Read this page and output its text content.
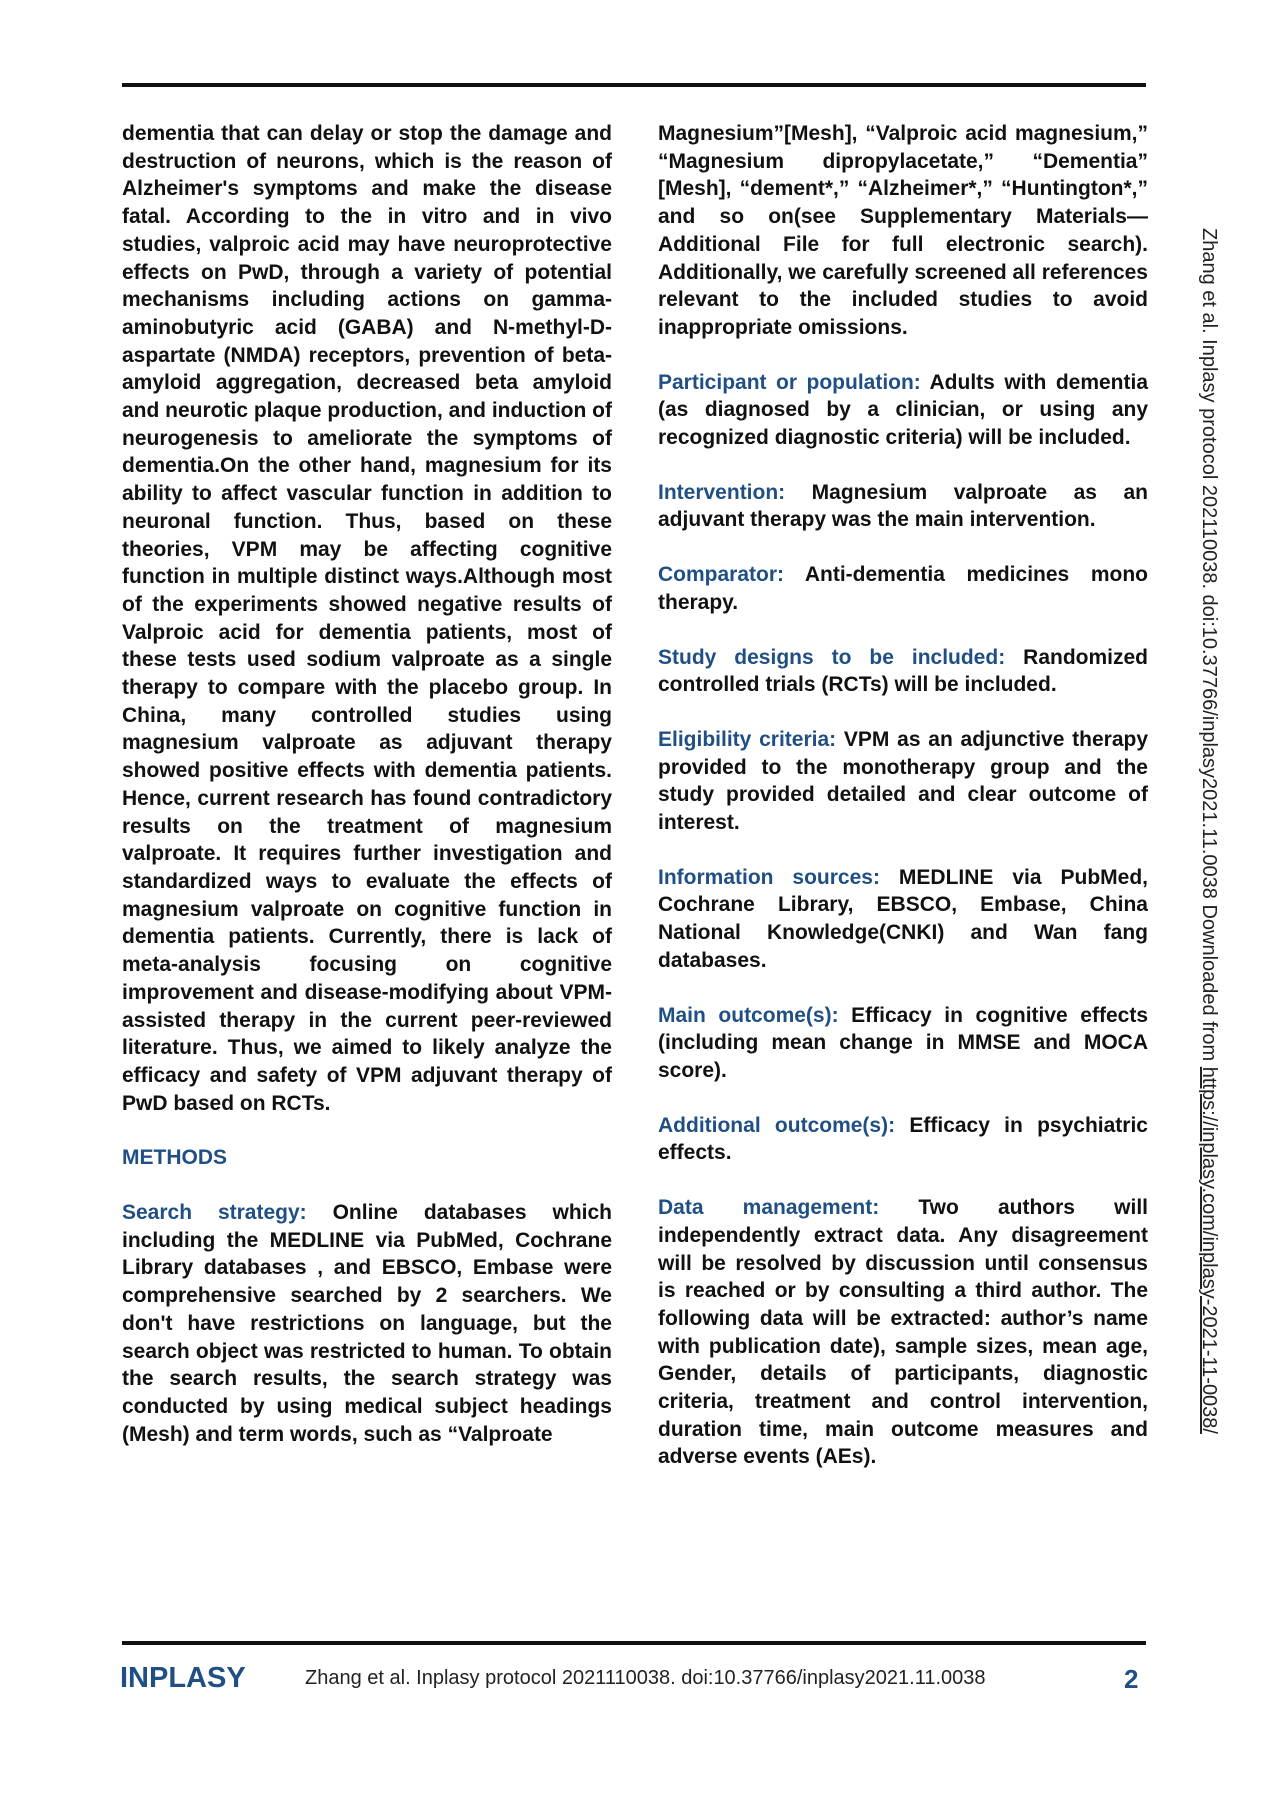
dementia that can delay or stop the damage and destruction of neurons, which is the reason of Alzheimer's symptoms and make the disease fatal. According to the in vitro and in vivo studies, valproic acid may have neuroprotective effects on PwD, through a variety of potential mechanisms including actions on gamma-aminobutyric acid (GABA) and N-methyl-D-aspartate (NMDA) receptors, prevention of beta-amyloid aggregation, decreased beta amyloid and neurotic plaque production, and induction of neurogenesis to ameliorate the symptoms of dementia.On the other hand, magnesium for its ability to affect vascular function in addition to neuronal function. Thus, based on these theories, VPM may be affecting cognitive function in multiple distinct ways.Although most of the experiments showed negative results of Valproic acid for dementia patients, most of these tests used sodium valproate as a single therapy to compare with the placebo group. In China, many controlled studies using magnesium valproate as adjuvant therapy showed positive effects with dementia patients. Hence, current research has found contradictory results on the treatment of magnesium valproate. It requires further investigation and standardized ways to evaluate the effects of magnesium valproate on cognitive function in dementia patients. Currently, there is lack of meta-analysis focusing on cognitive improvement and disease-modifying about VPM-assisted therapy in the current peer-reviewed literature. Thus, we aimed to likely analyze the efficacy and safety of VPM adjuvant therapy of PwD based on RCTs.

METHODS

Search strategy: Online databases which including the MEDLINE via PubMed, Cochrane Library databases , and EBSCO, Embase were comprehensive searched by 2 searchers. We don't have restrictions on language, but the search object was restricted to human. To obtain the search results, the search strategy was conducted by using medical subject headings (Mesh) and term words, such as “Valproate

Magnesium”[Mesh], “Valproic acid magnesium,” “Magnesium dipropylacetate,” “Dementia” [Mesh], “dement*,” “Alzheimer*,” “Huntington*,” and so on(see Supplementary Materials—Additional File for full electronic search). Additionally, we carefully screened all references relevant to the included studies to avoid inappropriate omissions.

Participant or population: Adults with dementia (as diagnosed by a clinician, or using any recognized diagnostic criteria) will be included.

Intervention: Magnesium valproate as an adjuvant therapy was the main intervention.

Comparator: Anti-dementia medicines mono therapy.

Study designs to be included: Randomized controlled trials (RCTs) will be included.

Eligibility criteria: VPM as an adjunctive therapy provided to the monotherapy group and the study provided detailed and clear outcome of interest.

Information sources: MEDLINE via PubMed, Cochrane Library, EBSCO, Embase, China National Knowledge(CNKI) and Wan fang databases.

Main outcome(s): Efficacy in cognitive effects (including mean change in MMSE and MOCA score).

Additional outcome(s): Efficacy in psychiatric effects.

Data management: Two authors will independently extract data. Any disagreement will be resolved by discussion until consensus is reached or by consulting a third author. The following data will be extracted: author’s name with publication date), sample sizes, mean age, Gender, details of participants, diagnostic criteria, treatment and control intervention, duration time, main outcome measures and adverse events (AEs).

Zhang et al. Inplasy protocol 202110038. doi:10.37766/inplasy2021.11.0038 Downloaded from https://inplasy.com/inplasy-2021-11-0038/
INPLASY	Zhang et al. Inplasy protocol 2021110038. doi:10.37766/inplasy2021.11.0038	2
